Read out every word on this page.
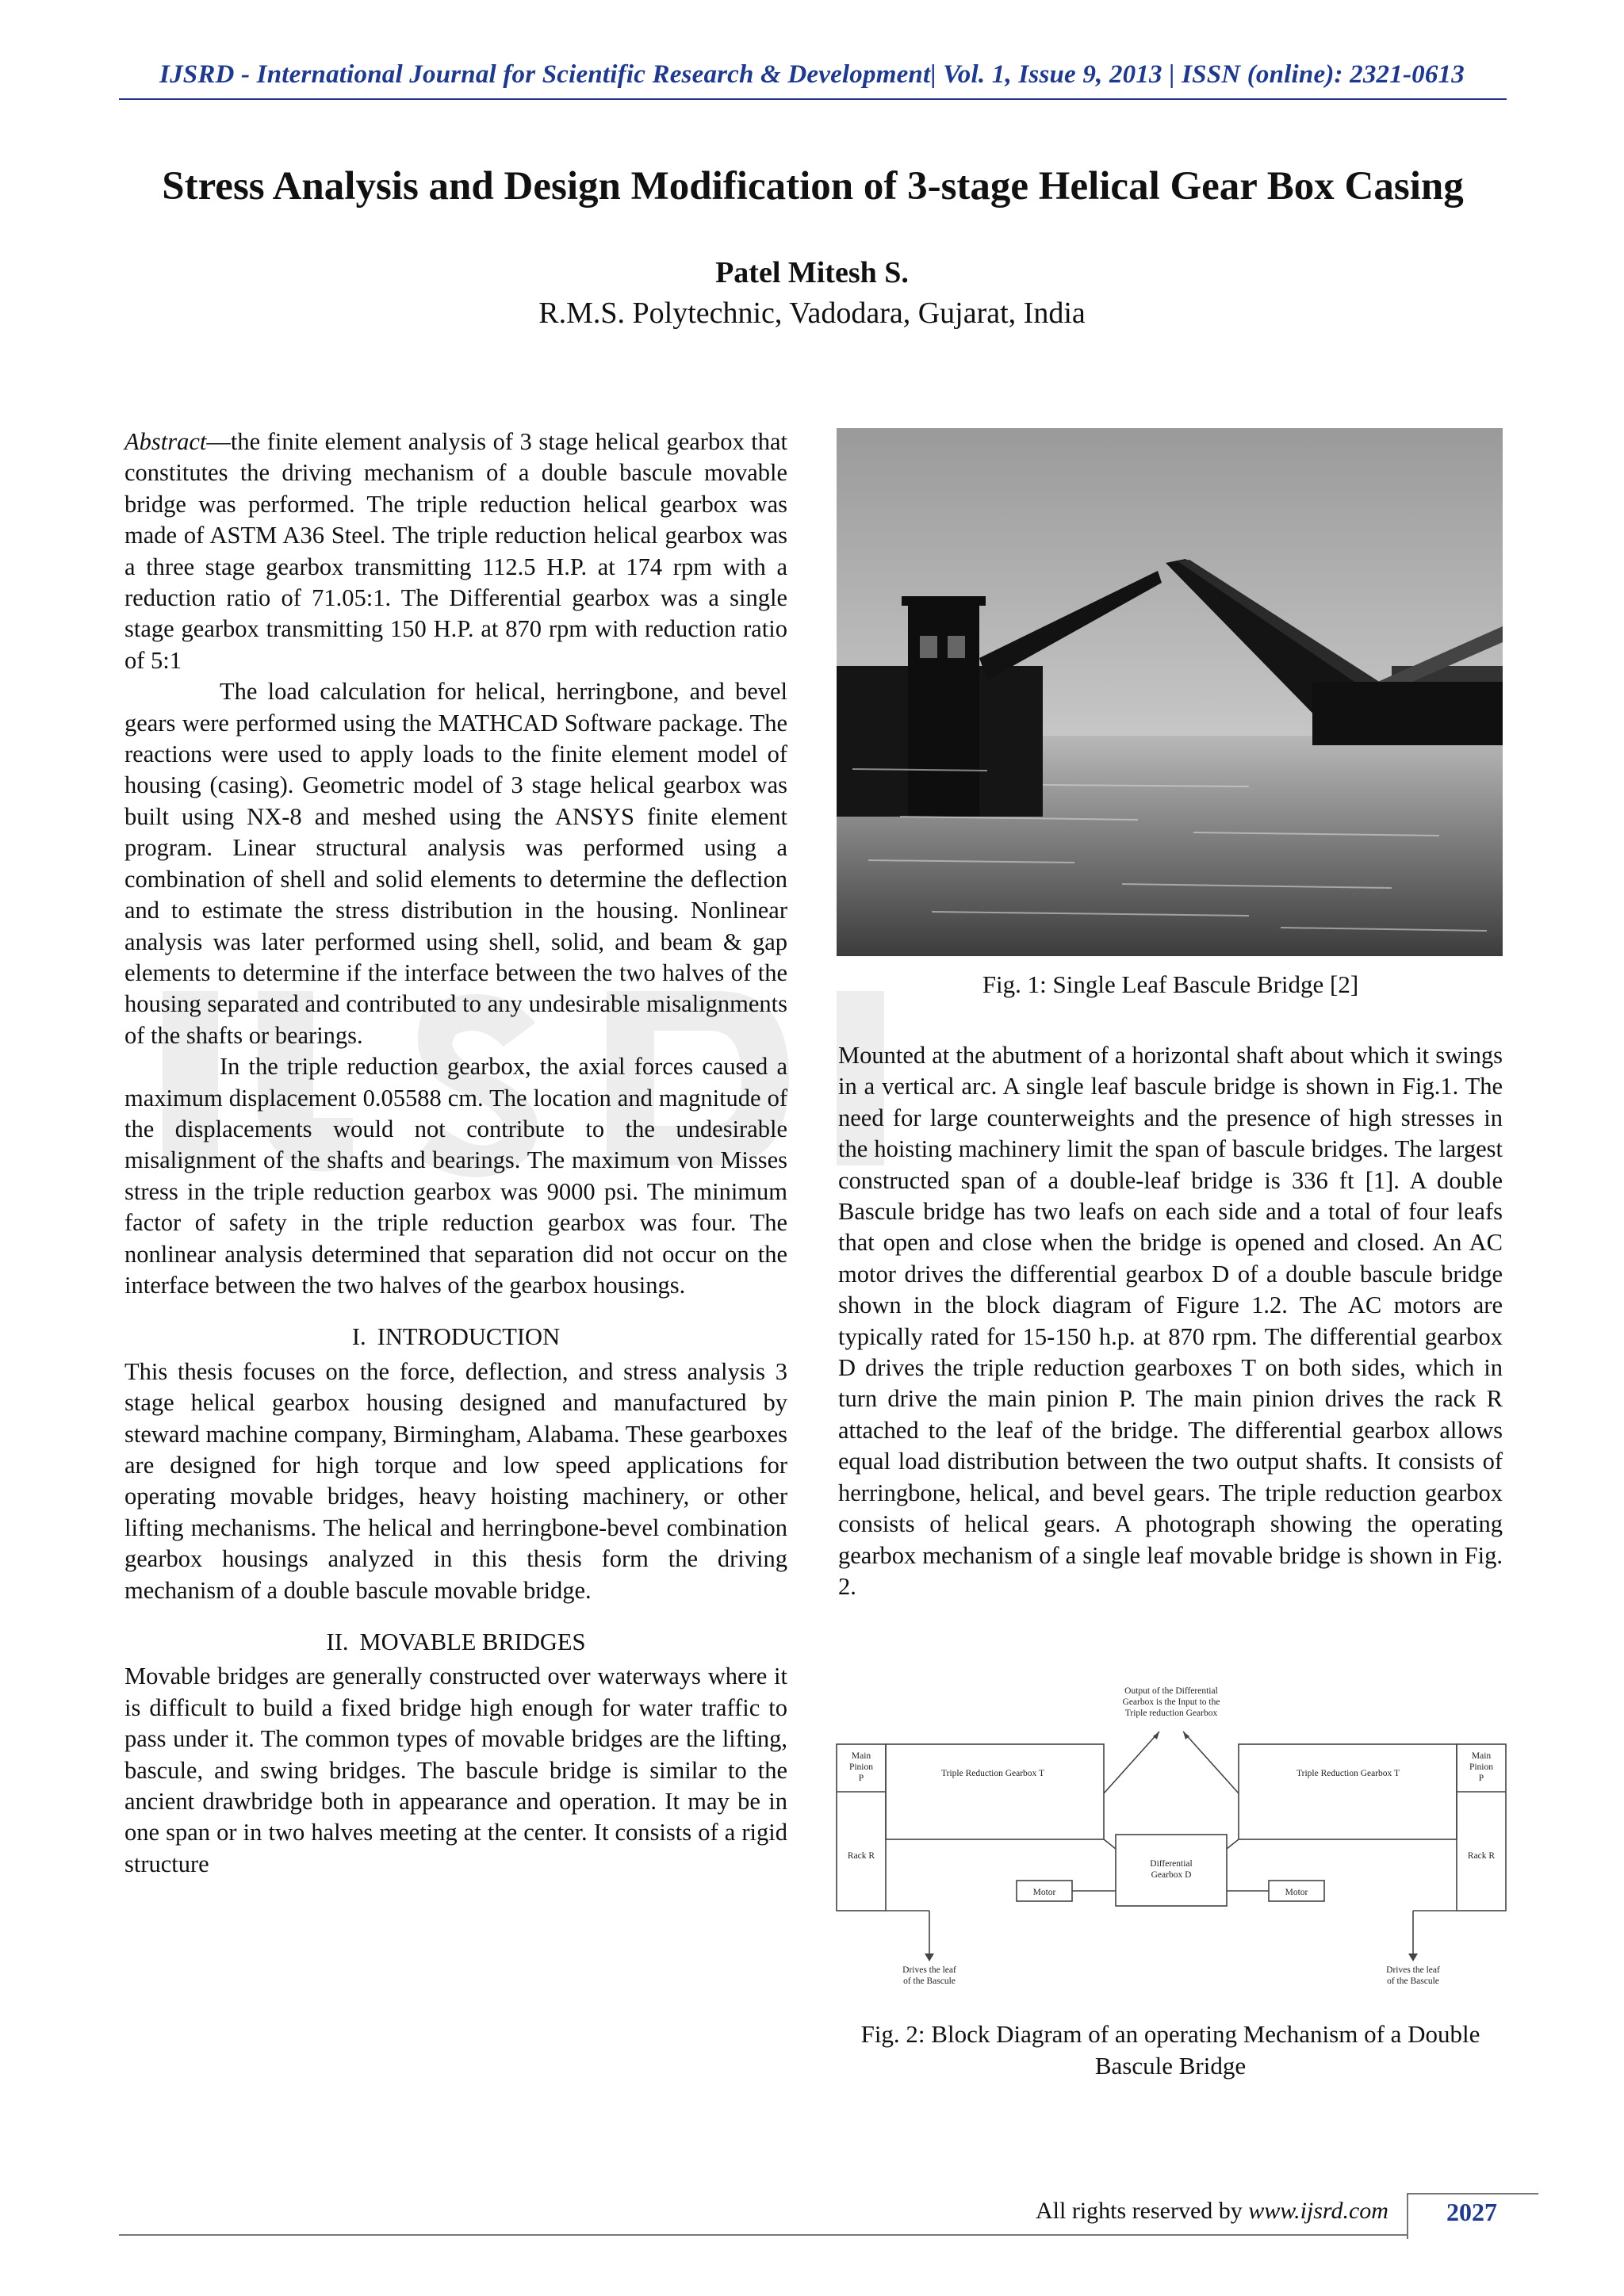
IJSRD - International Journal for Scientific Research & Development| Vol. 1, Issue 9, 2013 | ISSN (online): 2321-0613
Stress Analysis and Design Modification of 3-stage Helical Gear Box Casing
Patel Mitesh S.
R.M.S. Polytechnic, Vadodara, Gujarat, India

Abstract—the finite element analysis of 3 stage helical gearbox that constitutes the driving mechanism of a double bascule movable bridge was performed. The triple reduction helical gearbox was made of ASTM A36 Steel. The triple reduction helical gearbox was a three stage gearbox transmitting 112.5 H.P. at 174 rpm with a reduction ratio of 71.05:1. The Differential gearbox was a single stage gearbox transmitting 150 H.P. at 870 rpm with reduction ratio of 5:1

The load calculation for helical, herringbone, and bevel gears were performed using the MATHCAD Software package. The reactions were used to apply loads to the finite element model of housing (casing). Geometric model of 3 stage helical gearbox was built using NX-8 and meshed using the ANSYS finite element program. Linear structural analysis was performed using a combination of shell and solid elements to determine the deflection and to estimate the stress distribution in the housing. Nonlinear analysis was later performed using shell, solid, and beam & gap elements to determine if the interface between the two halves of the housing separated and contributed to any undesirable misalignments of the shafts or bearings.

In the triple reduction gearbox, the axial forces caused a maximum displacement 0.05588 cm. The location and magnitude of the displacements would not contribute to the undesirable misalignment of the shafts and bearings. The maximum von Misses stress in the triple reduction gearbox was 9000 psi. The minimum factor of safety in the triple reduction gearbox was four. The nonlinear analysis determined that separation did not occur on the interface between the two halves of the gearbox housings.

I. INTRODUCTION

This thesis focuses on the force, deflection, and stress analysis 3 stage helical gearbox housing designed and manufactured by steward machine company, Birmingham, Alabama. These gearboxes are designed for high torque and low speed applications for operating movable bridges, heavy hoisting machinery, or other lifting mechanisms. The helical and herringbone-bevel combination gearbox housings analyzed in this thesis form the driving mechanism of a double bascule movable bridge.

II. MOVABLE BRIDGES

Movable bridges are generally constructed over waterways where it is difficult to build a fixed bridge high enough for water traffic to pass under it. The common types of movable bridges are the lifting, bascule, and swing bridges. The bascule bridge is similar to the ancient drawbridge both in appearance and operation. It may be in one span or in two halves meeting at the center. It consists of a rigid structure

Fig. 1: Single Leaf Bascule Bridge [2]

Mounted at the abutment of a horizontal shaft about which it swings in a vertical arc. A single leaf bascule bridge is shown in Fig.1. The need for large counterweights and the presence of high stresses in the hoisting machinery limit the span of bascule bridges. The largest constructed span of a double-leaf bridge is 336 ft [1]. A double Bascule bridge has two leafs on each side and a total of four leafs that open and close when the bridge is opened and closed. An AC motor drives the differential gearbox D of a double bascule bridge shown in the block diagram of Figure 1.2. The AC motors are typically rated for 15-150 h.p. at 870 rpm. The differential gearbox D drives the triple reduction gearboxes T on both sides, which in turn drive the main pinion P. The main pinion drives the rack R attached to the leaf of the bridge. The differential gearbox allows equal load distribution between the two output shafts. It consists of herringbone, helical, and bevel gears. The triple reduction gearbox consists of helical gears. A photograph showing the operating gearbox mechanism of a single leaf movable bridge is shown in Fig. 2.

Output of the Differential
Gearbox is the Input to the
Triple reduction Gearbox
Main
Pinion
P
Main
Pinion
P
Triple Reduction Gearbox T	Triple Reduction Gearbox T
Differential
Gearbox D
Rack R	Rack R
Motor	Motor
Drives the leaf
of the Bascule
Drives the leaf
of the Bascule
Fig. 2: Block Diagram of an operating Mechanism of a Double Bascule Bridge
All rights reserved by www.ijsrd.com	2027
